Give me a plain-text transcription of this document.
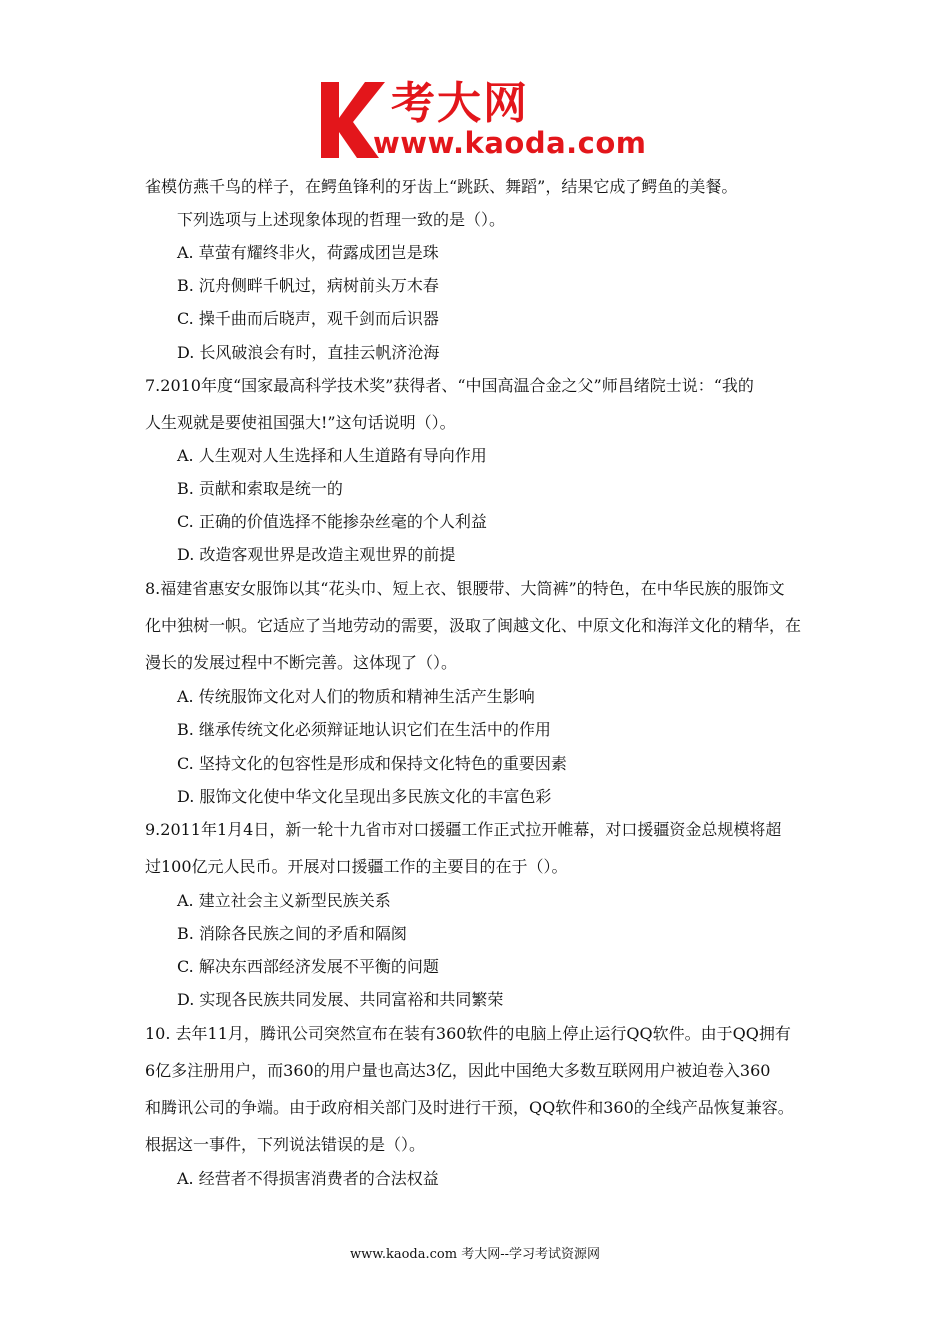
考大网
www.kaoda.com
雀模仿燕千鸟的样子，在鳄鱼锋利的牙齿上“跳跃、舞蹈”，结果它成了鳄鱼的美餐。
下列选项与上述现象体现的哲理一致的是（）。
A. 草萤有耀终非火，荷露成团岂是珠
B. 沉舟侧畔千帆过，病树前头万木春
C. 操千曲而后晓声，观千剑而后识器
D. 长风破浪会有时，直挂云帆济沧海
7.2010年度“国家最高科学技术奖”获得者、“中国高温合金之父”师昌绪院士说：“我的
人生观就是要使祖国强大!”这句话说明（）。
A. 人生观对人生选择和人生道路有导向作用
B. 贡献和索取是统一的
C. 正确的价值选择不能掺杂丝毫的个人利益
D. 改造客观世界是改造主观世界的前提
8.福建省惠安女服饰以其“花头巾、短上衣、银腰带、大筒裤”的特色，在中华民族的服饰文
化中独树一帜。它适应了当地劳动的需要，汲取了闽越文化、中原文化和海洋文化的精华，在
漫长的发展过程中不断完善。这体现了（）。
A. 传统服饰文化对人们的物质和精神生活产生影响
B. 继承传统文化必须辩证地认识它们在生活中的作用
C. 坚持文化的包容性是形成和保持文化特色的重要因素
D. 服饰文化使中华文化呈现出多民族文化的丰富色彩
9.2011年1月4日，新一轮十九省市对口援疆工作正式拉开帷幕，对口援疆资金总规模将超
过100亿元人民币。开展对口援疆工作的主要目的在于（）。
A. 建立社会主义新型民族关系
B. 消除各民族之间的矛盾和隔阂
C. 解决东西部经济发展不平衡的问题
D. 实现各民族共同发展、共同富裕和共同繁荣
10. 去年11月，腾讯公司突然宣布在装有360软件的电脑上停止运行QQ软件。由于QQ拥有
6亿多注册用户，而360的用户量也高达3亿，因此中国绝大多数互联网用户被迫卷入360
和腾讯公司的争端。由于政府相关部门及时进行干预，QQ软件和360的全线产品恢复兼容。
根据这一事件，下列说法错误的是（）。
A. 经营者不得损害消费者的合法权益
www.kaoda.com 考大网--学习考试资源网
